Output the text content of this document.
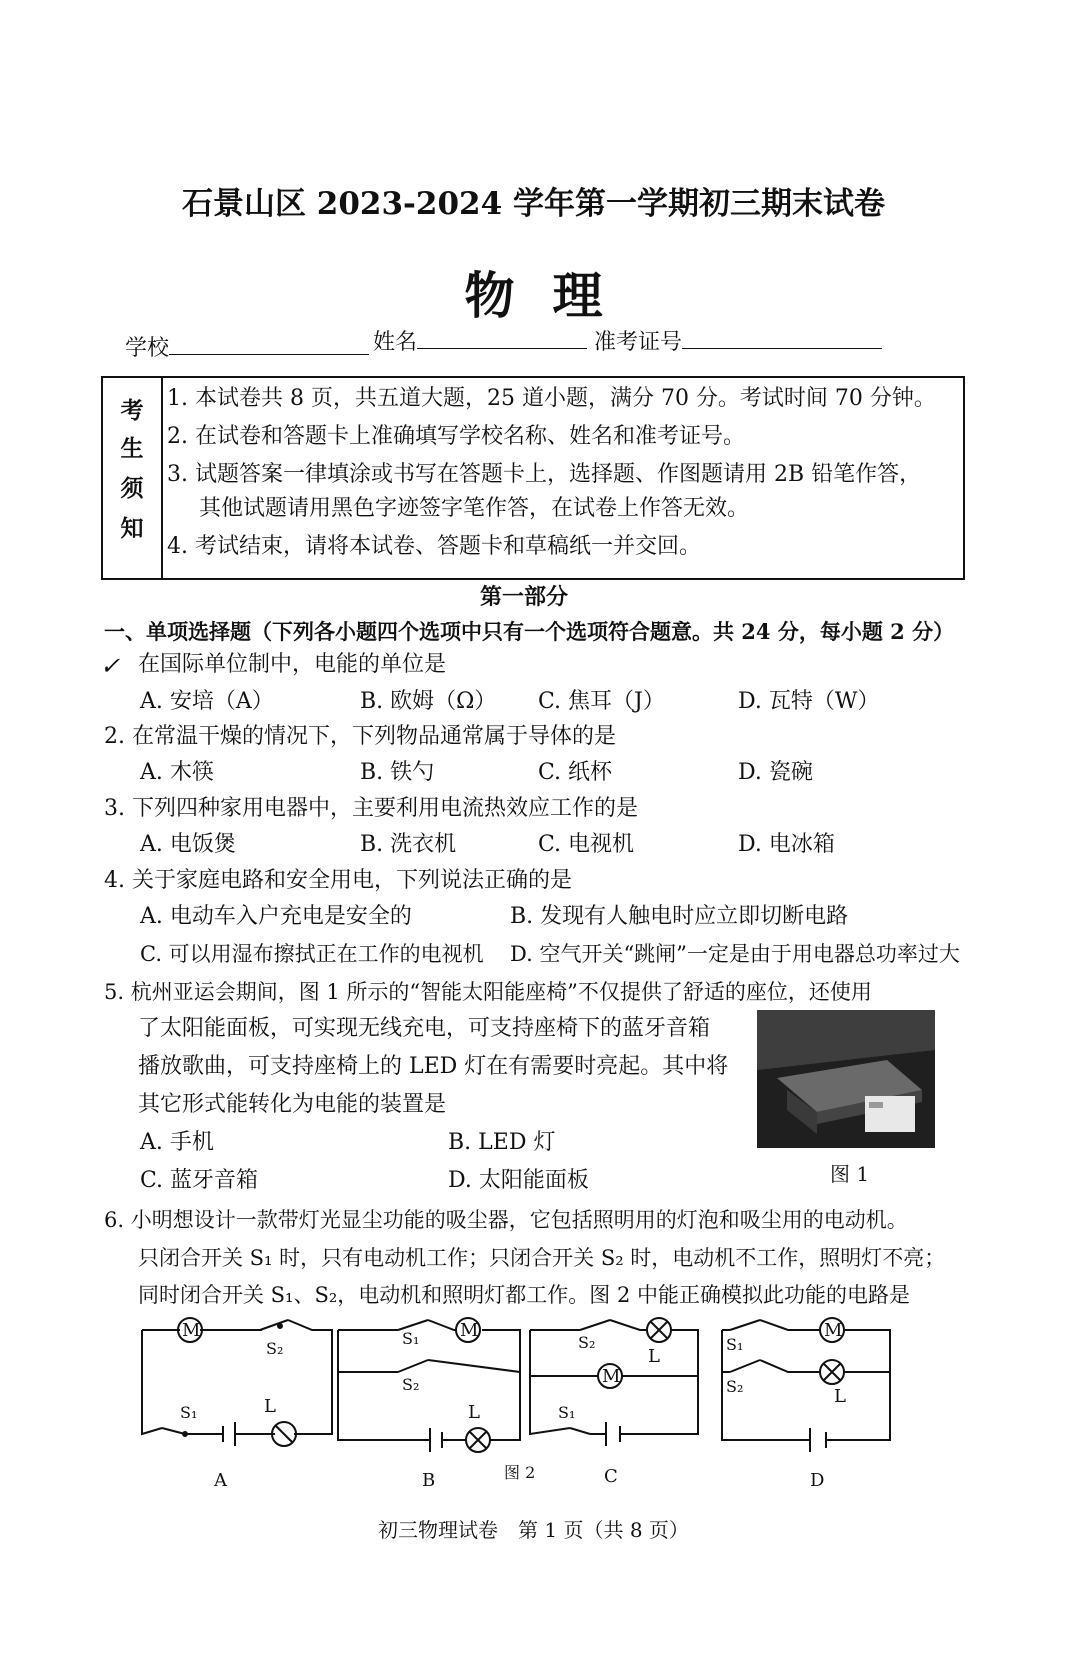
石景山区 2023-2024 学年第一学期初三期末试卷
物理
学校	姓名	准考证号
考
生
须
知
1. 本试卷共 8 页，共五道大题，25 道小题，满分 70 分。考试时间 70 分钟。
2. 在试卷和答题卡上准确填写学校名称、姓名和准考证号。
3. 试题答案一律填涂或书写在答题卡上，选择题、作图题请用 2B 铅笔作答，
其他试题请用黑色字迹签字笔作答，在试卷上作答无效。
4. 考试结束，请将本试卷、答题卡和草稿纸一并交回。
第一部分
一、单项选择题（下列各小题四个选项中只有一个选项符合题意。共 24 分，每小题 2 分）
✓ 在国际单位制中，电能的单位是
A. 安培（A）	B. 欧姆（Ω） C. 焦耳（J）	D. 瓦特（W）
2. 在常温干燥的情况下，下列物品通常属于导体的是
A. 木筷	B. 铁勺	C. 纸杯	D. 瓷碗
3. 下列四种家用电器中，主要利用电流热效应工作的是
A. 电饭煲	B. 洗衣机	C. 电视机	D. 电冰箱
4. 关于家庭电路和安全用电，下列说法正确的是
A. 电动车入户充电是安全的	B. 发现有人触电时应立即切断电路
C. 可以用湿布擦拭正在工作的电视机 D. 空气开关“跳闸”一定是由于用电器总功率过大
5. 杭州亚运会期间，图 1 所示的“智能太阳能座椅”不仅提供了舒适的座位，还使用
了太阳能面板，可实现无线充电，可支持座椅下的蓝牙音箱
播放歌曲，可支持座椅上的 LED 灯在有需要时亮起。其中将
其它形式能转化为电能的装置是
A. 手机	B. LED 灯
C. 蓝牙音箱	D. 太阳能面板	图 1
6. 小明想设计一款带灯光显尘功能的吸尘器，它包括照明用的灯泡和吸尘用的电动机。
只闭合开关 S₁ 时，只有电动机工作；只闭合开关 S₂ 时，电动机不工作，照明灯不亮；
同时闭合开关 S₁、S₂，电动机和照明灯都工作。图 2 中能正确模拟此功能的电路是
M
S₂
S₁	L
A
S₁ M
S₂
L
B
S₂
L
M
S₁
图 2	C
S₁
M
S₂	L
D
初三物理试卷　第 1 页（共 8 页）
